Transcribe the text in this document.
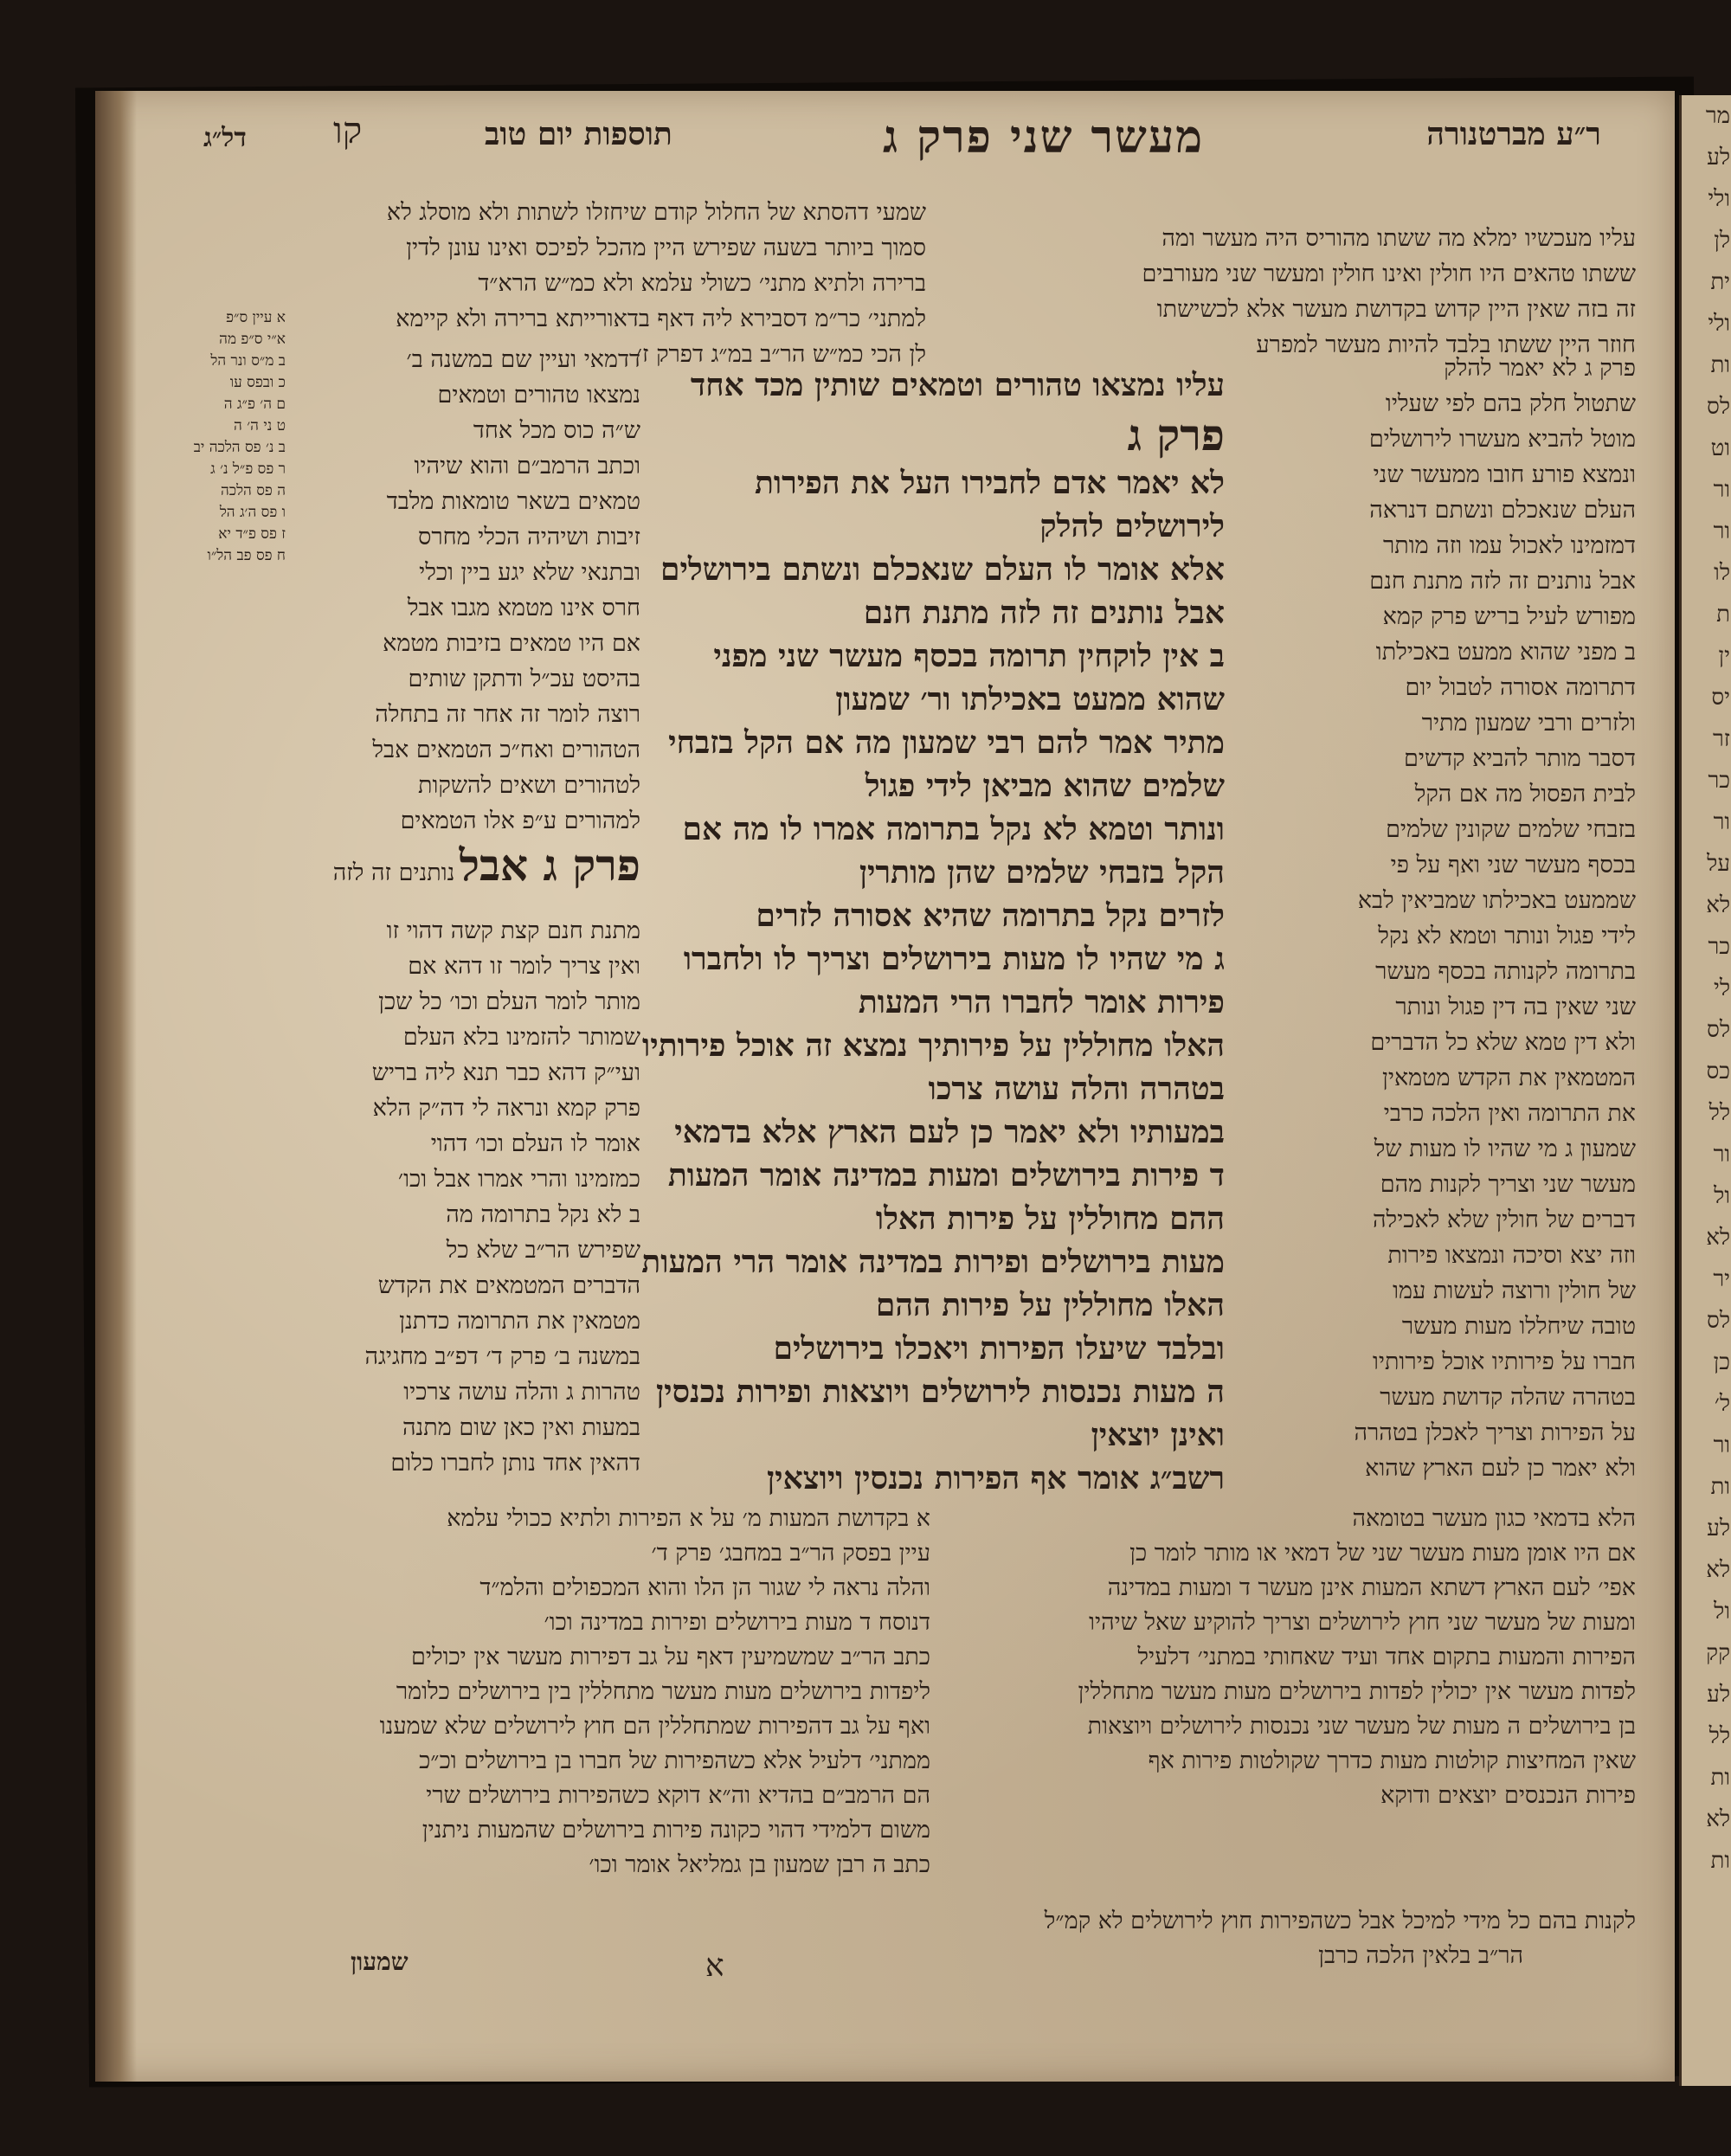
מר
לע
ולי
לן
ית
ולי
ות
לס
וט
ור
ור
לו
ת
ין
יס
זר
כר
ור
על
לא
כר
לי
לס
כס
לל
ור
ול
לא
יר
לס
כן
ל׳
ור
ות
לע
לא
ול
קק
לע
לל
ות
לא
ות
דל״ג קו	תוספות יום טוב	מעשר שני פרק ג	ר״ע מברטנורה

שמעי דהסתא של החלול קודם שיחזלו לשתות ולא מוסלג לא

סמוך ביותר בשעה שפירש היין מהכל לפיכס ואינו עונן לדין

ברירה ולתיא מתני׳ כשולי עלמא ולא כמ״ש הרא״ד

למתני׳ כר״מ דסבירא ליה דאף בדאורייתא ברירה ולא קיימא

לן הכי כמ״ש הר״ב במ״ג דפרק ז׳

עליו מעכשיו ימלא מה ששתו מהוריס היה מעשר ומה

ששתו טהאים היו חולין ואינו חולין ומעשר שני מעורבים

זה בזה שאין היין קדוש בקדושת מעשר אלא לכשישתו

חוזר היין ששתו בלבד להיות מעשר למפרע

א עיין ס״פ
א״י ס״פ מה
ב מ״ס ונר הל
כ ובפס עו
ם ה׳ פ״ג ה
ט ני ה׳ ה
ב נ׳ פס הלכה יב
ר פס פ״ל נ׳ ג
ה פס הלכה
ו פס ה׳ג הל
ז פס פ״ד יא
ח פס פב הל״ו

דדמאי ועיין שם במשנה ב׳

נמצאו טהורים וטמאים

ש״ה כוס מכל אחד

וכתב הרמב״ם והוא שיהיו

טמאים בשאר טומאות מלבד

זיבות ושיהיה הכלי מחרס

ובתנאי שלא יגע ביין וכלי

חרס אינו מטמא מגבו אבל

אם היו טמאים בזיבות מטמא

בהיסט עכ״ל ודתקן שותים

רוצה לומר זה אחר זה בתחלה

הטהורים ואח״כ הטמאים אבל

לטהורים ושאים להשקות

למהורים ע״פ אלו הטמאים

פרק ג אבל נותנים זה לזה

מתנת חנם קצת קשה דהוי זו

ואין צריך לומר זו דהא אם

מותר לומר העלם וכו׳ כל שכן

שמותר להזמינו בלא העלם

ועי״ק דהא כבר תנא ליה בריש

פרק קמא ונראה לי דה״ק הלא

אומר לו העלם וכו׳ דהוי

כמזמינו והרי אמרו אבל וכו׳

ב לא נקל בתרומה מה

שפירש הר״ב שלא כל

הדברים המטמאים את הקדש

מטמאין את התרומה כדתנן

במשנה ב׳ פרק ד׳ דפ״ב מחגיגה

טהרות ג והלה עושה צרכיו

במעות ואין כאן שום מתנה

דהאין אחד נותן לחברו כלום

עליו נמצאו טהורים וטמאים שותין מכד אחד

פרק ג

לא יאמר אדם לחבירו העל את הפירות לירושלים להלק

אלא אומר לו העלם שנאכלם ונשתם בירושלים אבל נותנים זה לזה מתנת חנם

ב אין לוקחין תרומה בכסף מעשר שני מפני שהוא ממעט באכילתו ור׳ שמעון

מתיר אמר להם רבי שמעון מה אם הקל בזבחי שלמים שהוא מביאן לידי פגול

ונותר וטמא לא נקל בתרומה אמרו לו מה אם הקל בזבחי שלמים שהן מותרין

לזרים נקל בתרומה שהיא אסורה לזרים

ג מי שהיו לו מעות בירושלים וצריך לו ולחברו פירות אומר לחברו הרי המעות

האלו מחוללין על פירותיך נמצא זה אוכל פירותיו בטהרה והלה עושה צרכו

במעותיו ולא יאמר כן לעם הארץ אלא בדמאי

ד פירות בירושלים ומעות במדינה אומר המעות ההם מחוללין על פירות האלו

מעות בירושלים ופירות במדינה אומר הרי המעות האלו מחוללין על פירות ההם

ובלבד שיעלו הפירות ויאכלו בירושלים

ה מעות נכנסות לירושלים ויוצאות ופירות נכנסין ואינן יוצאין

רשב״ג אומר אף הפירות נכנסין ויוצאין

פרק ג לא יאמר להלק

שתטול חלק בהם לפי שעליו

מוטל להביא מעשרו לירושלים

ונמצא פורע חובו ממעשר שני

העלם שנאכלם ונשתם דנראה

דמזמינו לאכול עמו וזה מותר

אבל נותנים זה לזה מתנת חנם

מפורש לעיל בריש פרק קמא

ב מפני שהוא ממעט באכילתו

דתרומה אסורה לטבול יום

ולזרים ורבי שמעון מתיר

דסבר מותר להביא קדשים

לבית הפסול מה אם הקל

בזבחי שלמים שקונין שלמים

בכסף מעשר שני ואף על פי

שממעט באכילתו שמביאין לבא

לידי פגול ונותר וטמא לא נקל

בתרומה לקנותה בכסף מעשר

שני שאין בה דין פגול ונותר

ולא דין טמא שלא כל הדברים

המטמאין את הקדש מטמאין

את התרומה ואין הלכה כרבי

שמעון ג מי שהיו לו מעות של

מעשר שני וצריך לקנות מהם

דברים של חולין שלא לאכילה

וזה יצא וסיכה ונמצאו פירות

של חולין ורוצה לעשות עמו

טובה שיחללו מעות מעשר

חברו על פירותיו אוכל פירותיו

בטהרה שהלה קדושת מעשר

על הפירות וצריך לאכלן בטהרה

ולא יאמר כן לעם הארץ שהוא

א בקדושת המעות מ׳ על א הפירות ולתיא ככולי עלמא

עיין בפסק הר״ב במחבג׳ פרק ד׳

והלה נראה לי שגור הן הלו והוא המכפולים והלמ״ד

דנוסח ד מעות בירושלים ופירות במדינה וכו׳

כתב הר״ב שמשמיעין דאף על גב דפירות מעשר אין יכולים

ליפדות בירושלים מעות מעשר מתחללין בין בירושלים כלומר

ואף על גב דהפירות שמתחללין הם חוץ לירושלים שלא שמענו

ממתני׳ דלעיל אלא כשהפירות של חברו בן בירושלים וכ״כ

הם הרמב״ם בהדיא וה״א דוקא כשהפירות בירושלים שרי

משום דלמידי דהוי כקונה פירות בירושלים שהמעות ניתנין

כתב ה רבן שמעון בן גמליאל אומר וכו׳

הלא בדמאי כגון מעשר בטומאה

אם היו אומן מעות מעשר שני של דמאי או מותר לומר כן

אפי׳ לעם הארץ דשתא המעות אינן מעשר ד ומעות במדינה

ומעות של מעשר שני חוץ לירושלים וצריך להוקיע שאל שיהיו

הפירות והמעות בתקום אחד ועיד שאחותי במתני׳ דלעיל

לפדות מעשר אין יכולין לפדות בירושלים מעות מעשר מתחללין

בן בירושלים ה מעות של מעשר שני נכנסות לירושלים ויוצאות

שאין המחיצות קולטות מעות כדרך שקולטות פירות אף

פירות הנכנסים יוצאים ודוקא

לקנות בהם כל מידי למיכל אבל כשהפירות חוץ לירושלים לא קמ״ל
הר״ב בלאין הלכה כרבן
שמעון	א
